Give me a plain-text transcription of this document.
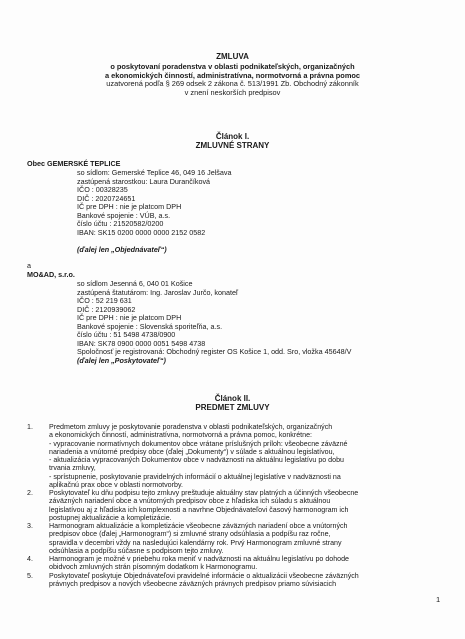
ZMLUVA
o poskytovaní poradenstva v oblasti podnikateľských, organizačných
a ekonomických činností, administratívna, normotvorná a právna pomoc
uzatvorená podľa § 269 odsek 2 zákona č. 513/1991 Zb. Obchodný zákonník
v znení neskorších predpisov
Článok I.
ZMLUVNÉ STRANY
Obec GEMERSKÉ TEPLICE
so sídlom: Gemerské Teplice 46, 049 16 Jelšava
zastúpená starostkou: Laura Durančíková
IČO : 00328235
DIČ : 2020724651
IČ pre DPH : nie je platcom DPH
Bankové spojenie : VÚB, a.s.
číslo účtu : 21520582/0200
IBAN: SK15 0200 0000 0000 2152 0582
(ďalej len „Objednávateľ“)
a
MO&AD, s.r.o.
so sídlom Jesenná 6, 040 01 Košice
zastúpená štatutárom: Ing. Jaroslav Jurčo, konateľ
IČO : 52 219 631
DIČ : 2120939062
IČ pre DPH : nie je platcom DPH
Bankové spojenie : Slovenská sporiteľňa, a.s.
číslo účtu : 51 5498 4738/0900
IBAN: SK78 0900 0000 0051 5498 4738
Spoločnosť je registrovaná: Obchodný register OS Košice 1, odd. Sro, vložka 45648/V
(ďalej len „Poskytovateľ“)
Článok II.
PREDMET ZMLUVY
1. Predmetom zmluvy je poskytovanie poradenstva v oblasti podnikateľských, organizačných
a ekonomických činností, administratívna, normotvorná a právna pomoc, konkrétne:
- vypracovanie normatívnych dokumentov obce vrátane príslušných príloh: všeobecne záväzné
nariadenia a vnútorné predpisy obce (ďalej „Dokumenty“) v súlade s aktuálnou legislatívou,
- aktualizácia vypracovaných Dokumentov obce v nadväznosti na aktuálnu legislatívu po dobu
trvania zmluvy,
- sprístupnenie, poskytovanie pravidelných informácií o aktuálnej legislatíve v nadväznosti na
aplikačnú prax obce v oblasti normotvorby.
2. Poskytovateľ ku dňu podpisu tejto zmluvy preštuduje aktuálny stav platných a účinných všeobecne
záväzných nariadení obce a vnútorných predpisov obce z hľadiska ich súladu s aktuálnou
legislatívou aj z hľadiska ich komplexnosti a navrhne Objednávateľovi časový harmonogram ich
postupnej aktualizácie a kompletizácie.
3. Harmonogram aktualizácie a kompletizácie všeobecne záväzných nariadení obce a vnútorných
predpisov obce (ďalej „Harmonogram“) si zmluvné strany odsúhlasia a podpíšu raz ročne,
spravidla v decembri vždy na nasledujúci kalendárny rok. Prvý Harmonogram zmluvné strany
odsúhlasia a podpíšu súčasne s podpisom tejto zmluvy.
4. Harmonogram je možné v priebehu roka meniť v nadväznosti na aktuálnu legislatívu po dohode
obidvoch zmluvných strán písomným dodatkom k Harmonogramu.
5. Poskytovateľ poskytuje Objednávateľovi pravidelné informácie o aktualizácii všeobecne záväzných
právnych predpisov a nových všeobecne záväzných právnych predpisov priamo súvisiacich
1
